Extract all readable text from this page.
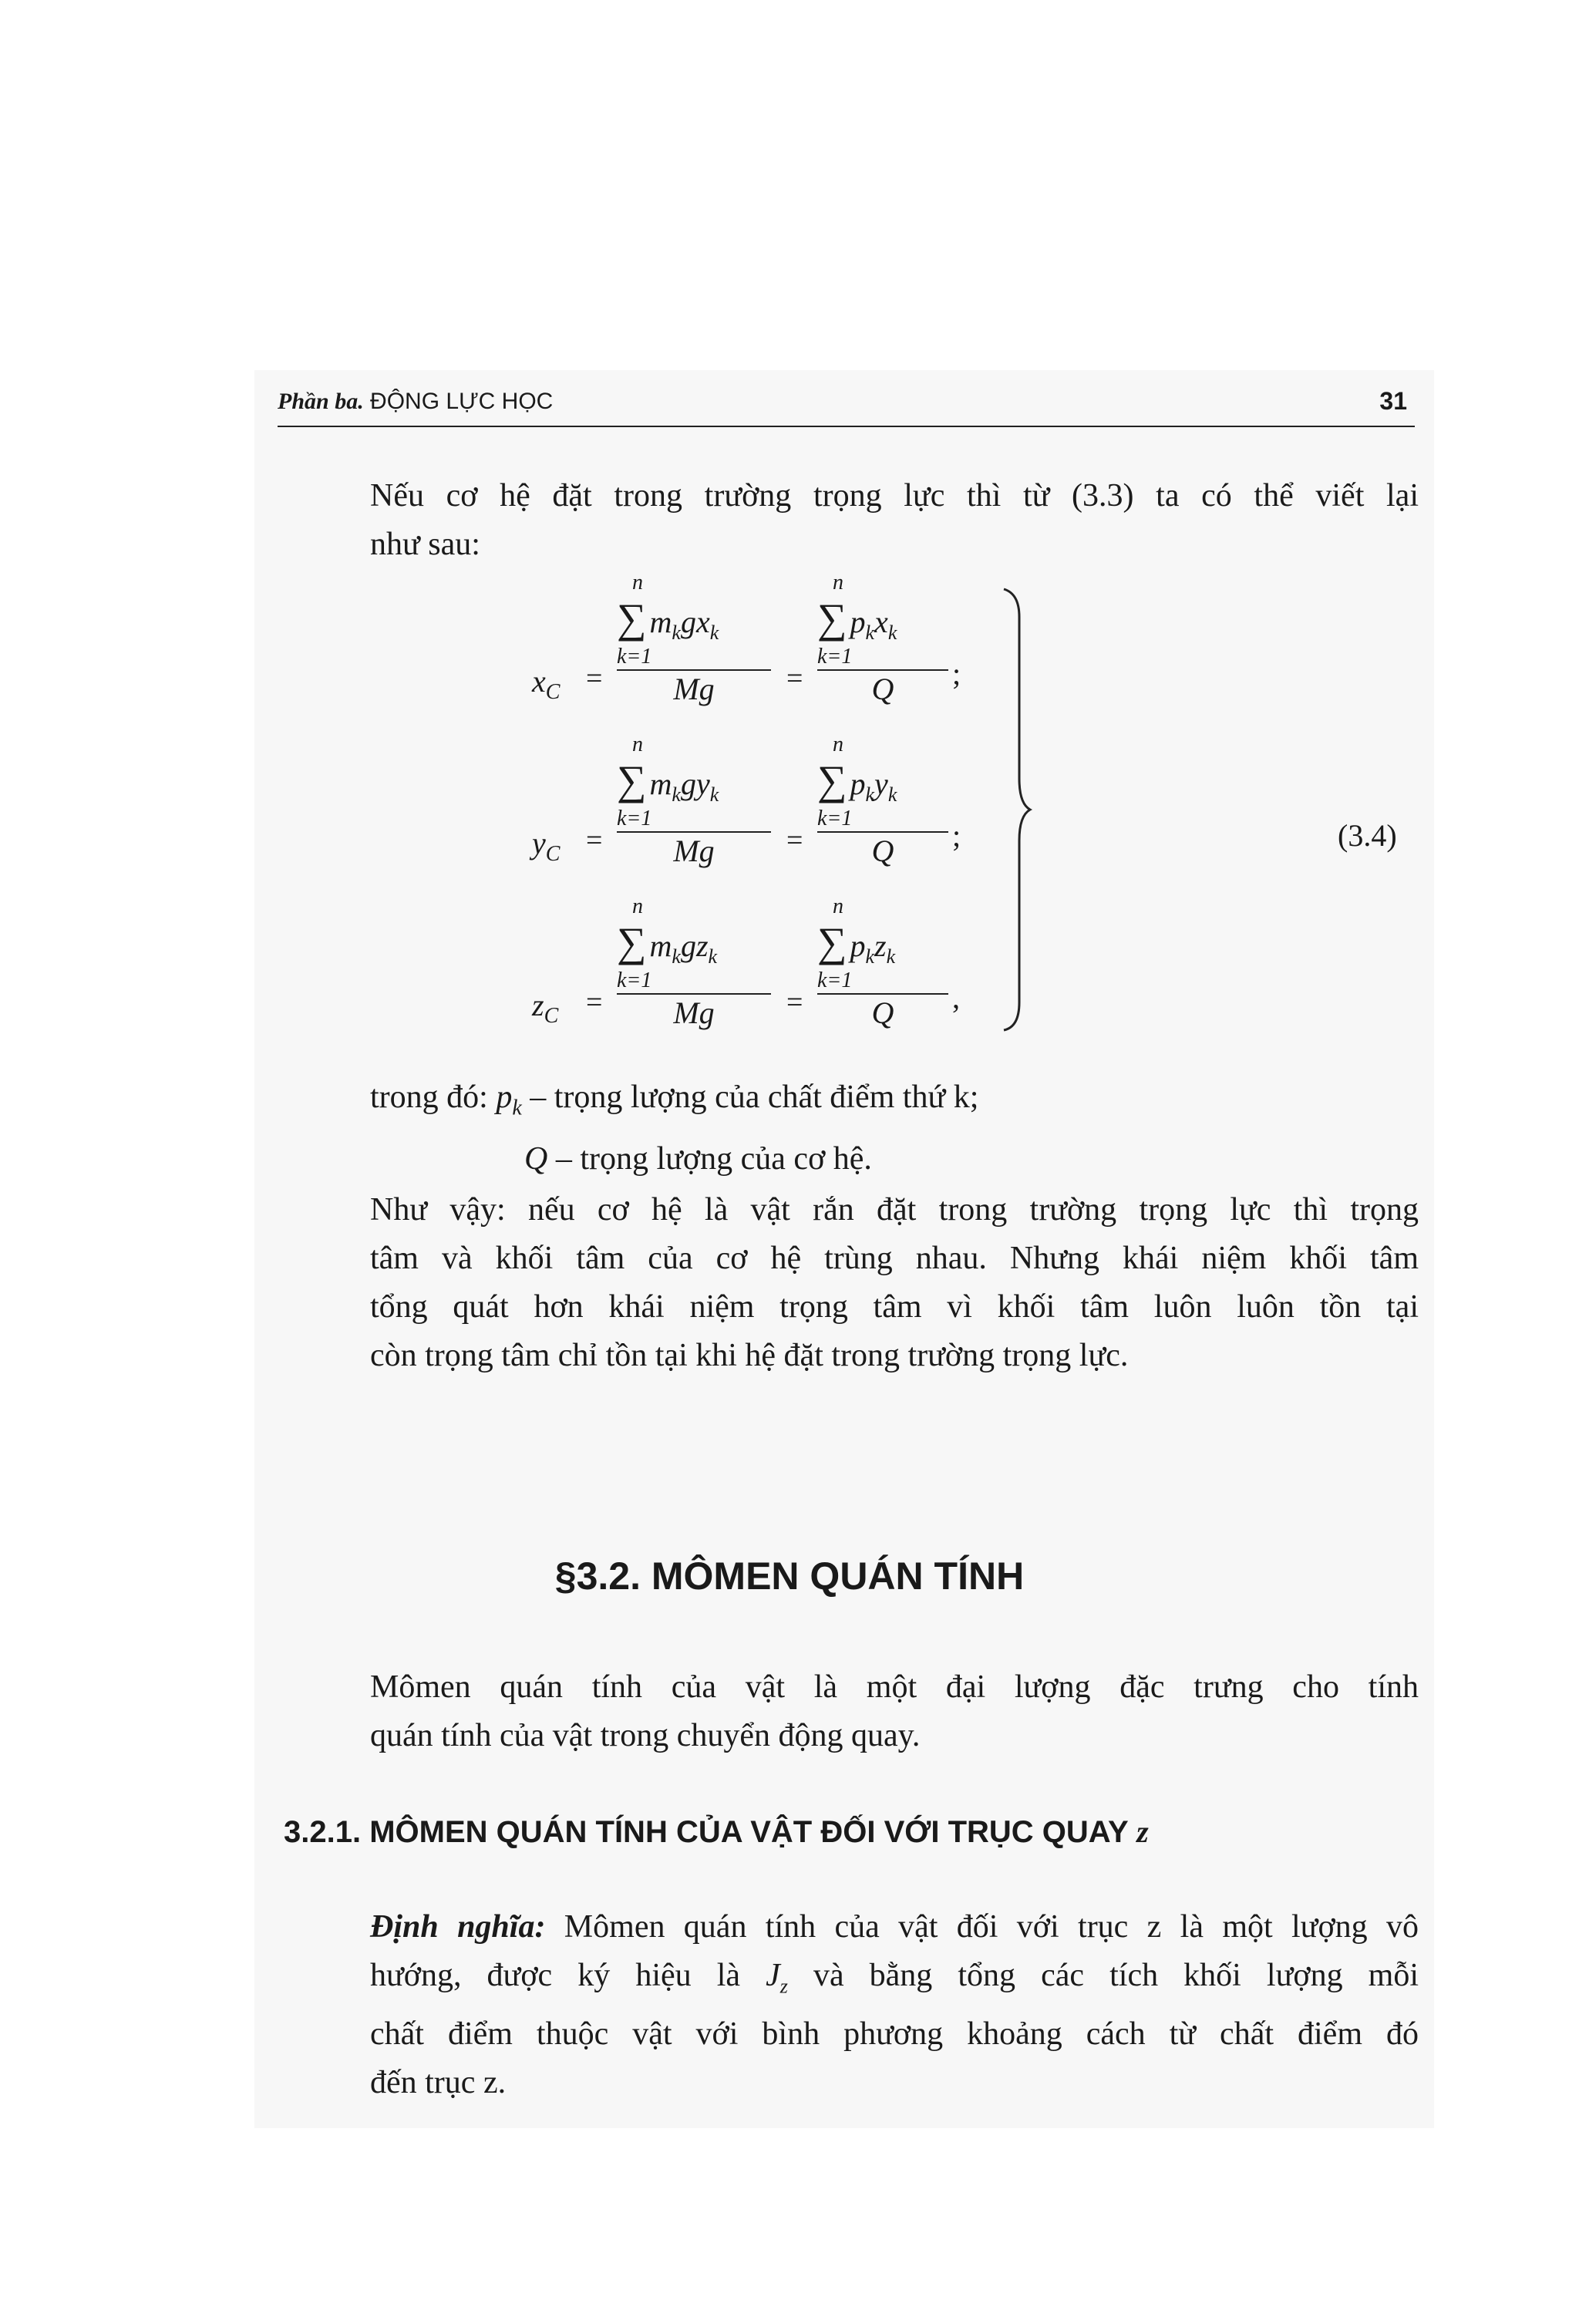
Phần ba. ĐỘNG LỰC HỌC	31
Nếu cơ hệ đặt trong trường trọng lực thì từ (3.3) ta có thể viết lại
như sau:
$x_C$ =
n
∑ $m_kgx_k$
k=1
Mg	=
n
∑ $p_kx_k$
k=1
Q	;
$y_C$ =
n
∑ $m_kgy_k$
k=1
Mg	=
n
∑ $p_ky_k$
k=1
Q	;
$z_C$ =
n
∑ $m_kgz_k$
k=1
Mg	=
n
∑ $p_kz_k$
k=1
Q	,
(3.4)
trong đó: $p_k$ – trọng lượng của chất điểm thứ k;
Q – trọng lượng của cơ hệ.
Như vậy: nếu cơ hệ là vật rắn đặt trong trường trọng lực thì trọng
tâm và khối tâm của cơ hệ trùng nhau. Nhưng khái niệm khối tâm
tổng quát hơn khái niệm trọng tâm vì khối tâm luôn luôn tồn tại
còn trọng tâm chỉ tồn tại khi hệ đặt trong trường trọng lực.
§3.2. MÔMEN QUÁN TÍNH
Mômen quán tính của vật là một đại lượng đặc trưng cho tính
quán tính của vật trong chuyển động quay.
3.2.1. MÔMEN QUÁN TÍNH CỦA VẬT ĐỐI VỚI TRỤC QUAY z
Định nghĩa: Mômen quán tính của vật đối với trục z là một lượng vô
hướng, được ký hiệu là $J_z$ và bằng tổng các tích khối lượng mỗi
chất điểm thuộc vật với bình phương khoảng cách từ chất điểm đó
đến trục z.
